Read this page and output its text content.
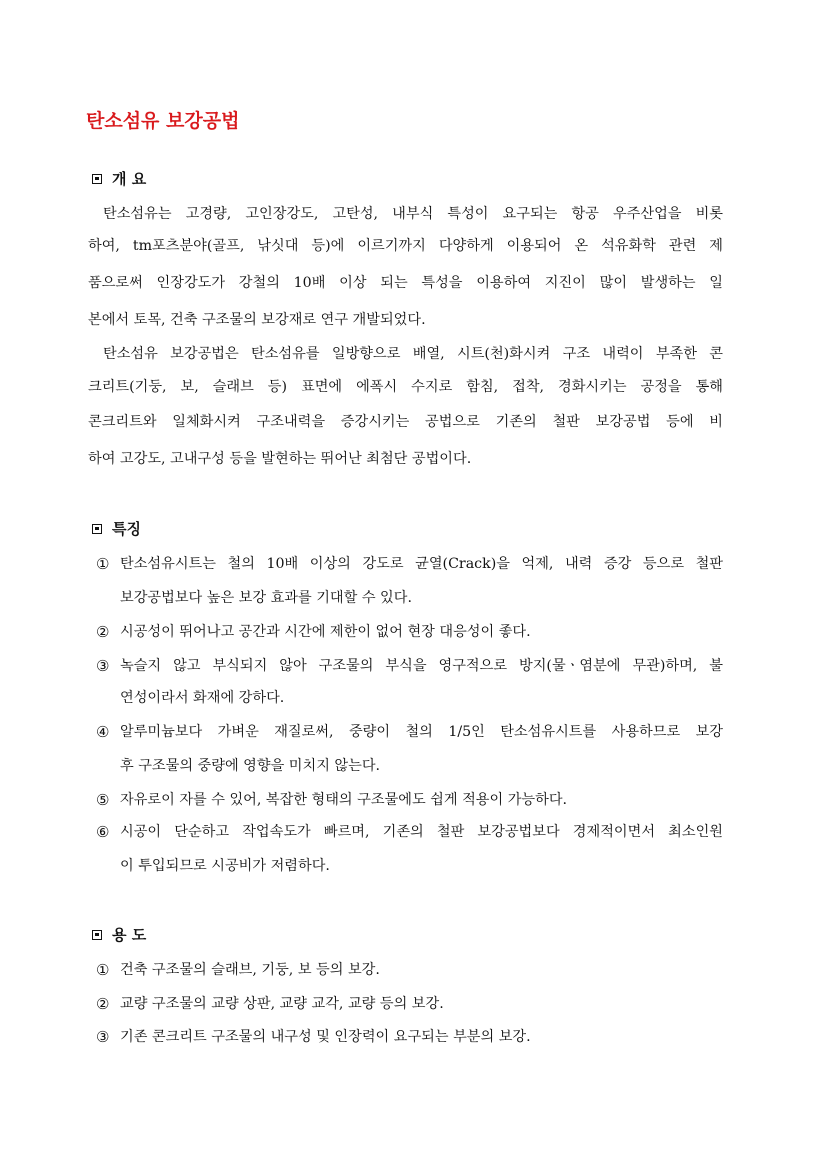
탄소섬유 보강공법
개 요
탄소섬유는 고경량, 고인장강도, 고탄성, 내부식 특성이 요구되는 항공 우주산업을 비롯
하여, tm포츠분야(골프, 낚싯대 등)에 이르기까지 다양하게 이용되어 온 석유화학 관련 제
품으로써 인장강도가 강철의 10배 이상 되는 특성을 이용하여 지진이 많이 발생하는 일
본에서 토목, 건축 구조물의 보강재로 연구 개발되었다.
탄소섬유 보강공법은 탄소섬유를 일방향으로 배열, 시트(천)화시켜 구조 내력이 부족한 콘
크리트(기둥, 보, 슬래브 등) 표면에 에폭시 수지로 함침, 접착, 경화시키는 공정을 통해
콘크리트와 일체화시켜 구조내력을 증강시키는 공법으로 기존의 철판 보강공법 등에 비
하여 고강도, 고내구성 등을 발현하는 뛰어난 최첨단 공법이다.
특징
① 탄소섬유시트는 철의 10배 이상의 강도로 균열(Crack)을 억제, 내력 증강 등으로 철판
보강공법보다 높은 보강 효과를 기대할 수 있다.
② 시공성이 뛰어나고 공간과 시간에 제한이 없어 현장 대응성이 좋다.
③ 녹슬지 않고 부식되지 않아 구조물의 부식을 영구적으로 방지(물ㆍ염분에 무관)하며, 불
연성이라서 화재에 강하다.
④ 알루미늄보다 가벼운 재질로써, 중량이 철의 1/5인 탄소섬유시트를 사용하므로 보강
후 구조물의 중량에 영향을 미치지 않는다.
⑤ 자유로이 자를 수 있어, 복잡한 형태의 구조물에도 쉽게 적용이 가능하다.
⑥ 시공이 단순하고 작업속도가 빠르며, 기존의 철판 보강공법보다 경제적이면서 최소인원
이 투입되므로 시공비가 저렴하다.
용 도
① 건축 구조물의 슬래브, 기둥, 보 등의 보강.
② 교량 구조물의 교량 상판, 교량 교각, 교량 등의 보강.
③ 기존 콘크리트 구조물의 내구성 및 인장력이 요구되는 부분의 보강.
